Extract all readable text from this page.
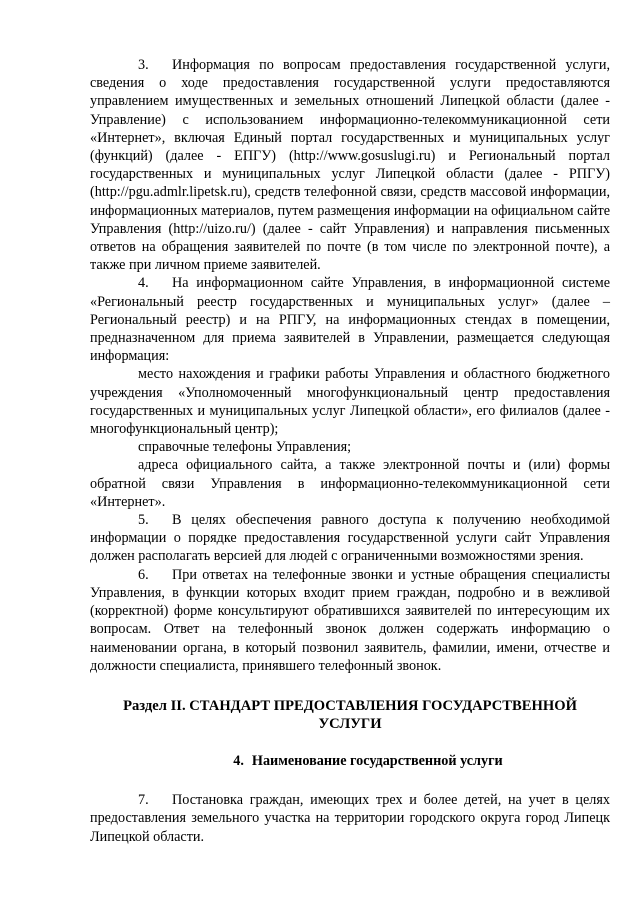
3. Информация по вопросам предоставления государственной услуги, сведения о ходе предоставления государственной услуги предоставляются управлением имущественных и земельных отношений Липецкой области (далее - Управление) с использованием информационно-телекоммуникационной сети «Интернет», включая Единый портал государственных и муниципальных услуг (функций) (далее - ЕПГУ) (http://www.gosuslugi.ru) и Региональный портал государственных и муниципальных услуг Липецкой области (далее - РПГУ) (http://pgu.admlr.lipetsk.ru), средств телефонной связи, средств массовой информации, информационных материалов, путем размещения информации на официальном сайте Управления (http://uizo.ru/) (далее - сайт Управления) и направления письменных ответов на обращения заявителей по почте (в том числе по электронной почте), а также при личном приеме заявителей.

4. На информационном сайте Управления, в информационной системе «Региональный реестр государственных и муниципальных услуг» (далее – Региональный реестр) и на РПГУ, на информационных стендах в помещении, предназначенном для приема заявителей в Управлении, размещается следующая информация:

место нахождения и графики работы Управления и областного бюджетного учреждения «Уполномоченный многофункциональный центр предоставления государственных и муниципальных услуг Липецкой области», его филиалов (далее - многофункциональный центр);

справочные телефоны Управления;

адреса официального сайта, а также электронной почты и (или) формы обратной связи Управления в информационно-телекоммуникационной сети «Интернет».

5. В целях обеспечения равного доступа к получению необходимой информации о порядке предоставления государственной услуги сайт Управления должен располагать версией для людей с ограниченными возможностями зрения.

6. При ответах на телефонные звонки и устные обращения специалисты Управления, в функции которых входит прием граждан, подробно и в вежливой (корректной) форме консультируют обратившихся заявителей по интересующим их вопросам. Ответ на телефонный звонок должен содержать информацию о наименовании органа, в который позвонил заявитель, фамилии, имени, отчестве и должности специалиста, принявшего телефонный звонок.

Раздел II. СТАНДАРТ ПРЕДОСТАВЛЕНИЯ ГОСУДАРСТВЕННОЙ УСЛУГИ
4. Наименование государственной услуги

7. Постановка граждан, имеющих трех и более детей, на учет в целях предоставления земельного участка на территории городского округа город Липецк Липецкой области.
